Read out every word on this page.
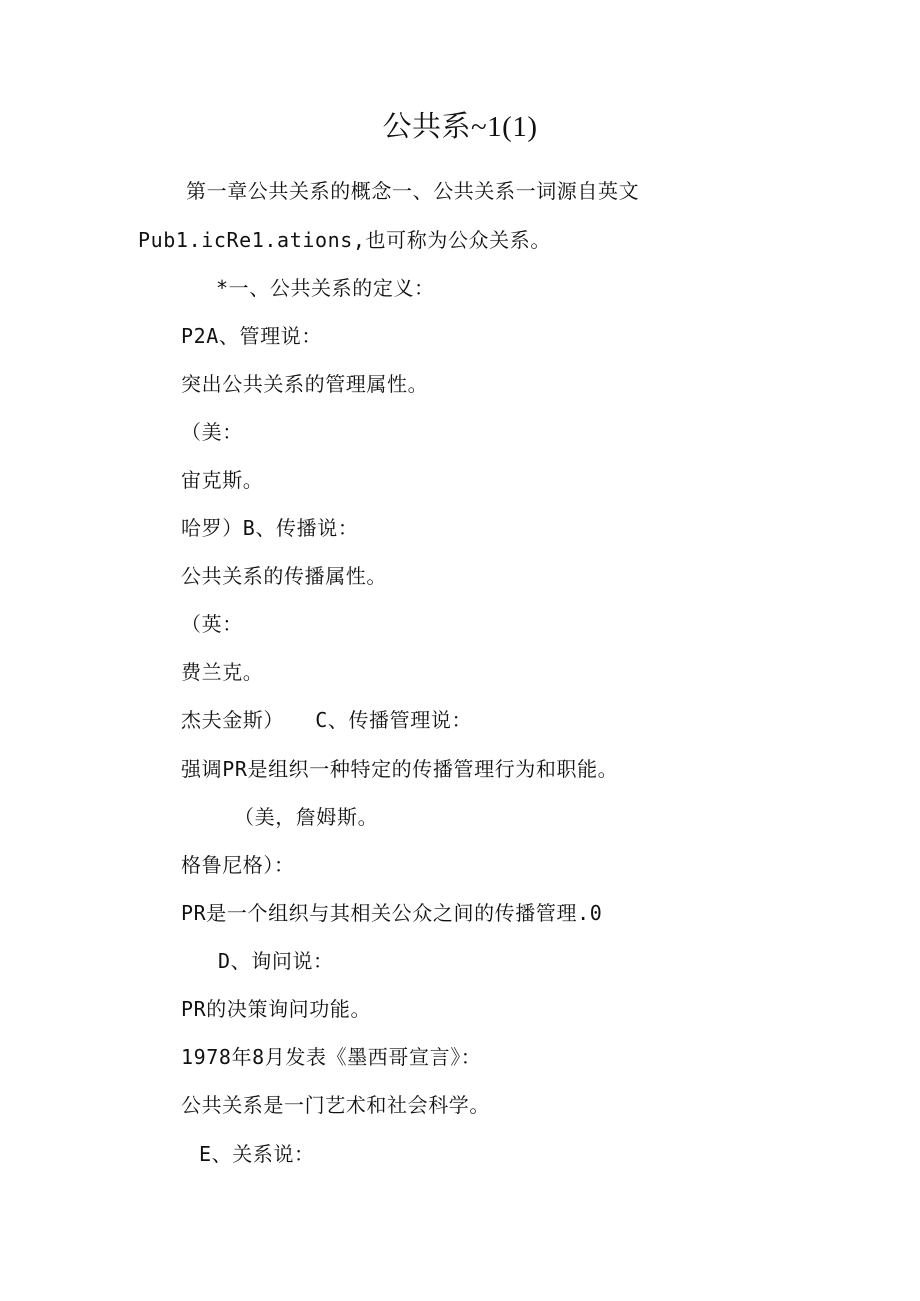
公共系~1(1)
第一章公共关系的概念一、公共关系一词源自英文
Pub1.icRe1.ations,也可称为公众关系。
*一、公共关系的定义：
P2A、管理说：
突出公共关系的管理属性。
（美：
宙克斯。
哈罗）B、传播说：
公共关系的传播属性。
（英：
费兰克。
杰夫金斯）　　C、传播管理说：
强调PR是组织一种特定的传播管理行为和职能。
（美，詹姆斯。
格鲁尼格）：
PR是一个组织与其相关公众之间的传播管理.0
D、询问说：
PR的决策询问功能。
1978年8月发表《墨西哥宣言》：
公共关系是一门艺术和社会科学。
E、关系说：
